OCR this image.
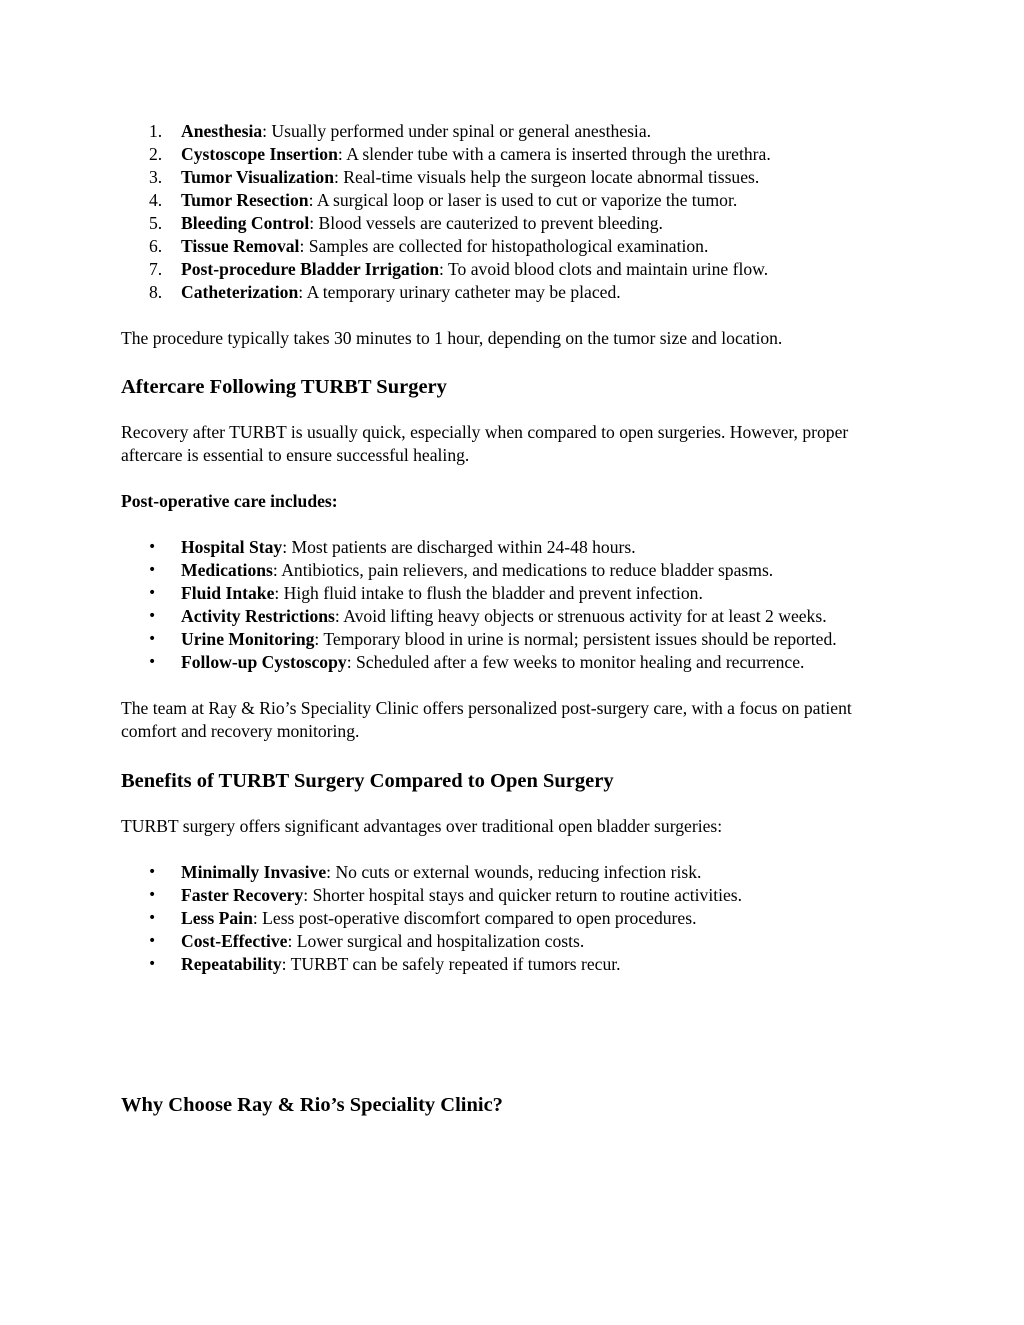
1. Anesthesia: Usually performed under spinal or general anesthesia.
2. Cystoscope Insertion: A slender tube with a camera is inserted through the urethra.
3. Tumor Visualization: Real-time visuals help the surgeon locate abnormal tissues.
4. Tumor Resection: A surgical loop or laser is used to cut or vaporize the tumor.
5. Bleeding Control: Blood vessels are cauterized to prevent bleeding.
6. Tissue Removal: Samples are collected for histopathological examination.
7. Post-procedure Bladder Irrigation: To avoid blood clots and maintain urine flow.
8. Catheterization: A temporary urinary catheter may be placed.

The procedure typically takes 30 minutes to 1 hour, depending on the tumor size and location.

Aftercare Following TURBT Surgery

Recovery after TURBT is usually quick, especially when compared to open surgeries. However, proper aftercare is essential to ensure successful healing.

Post-operative care includes:

• Hospital Stay: Most patients are discharged within 24-48 hours.
• Medications: Antibiotics, pain relievers, and medications to reduce bladder spasms.
• Fluid Intake: High fluid intake to flush the bladder and prevent infection.
• Activity Restrictions: Avoid lifting heavy objects or strenuous activity for at least 2 weeks.
• Urine Monitoring: Temporary blood in urine is normal; persistent issues should be reported.
• Follow-up Cystoscopy: Scheduled after a few weeks to monitor healing and recurrence.

The team at Ray & Rio’s Speciality Clinic offers personalized post-surgery care, with a focus on patient comfort and recovery monitoring.

Benefits of TURBT Surgery Compared to Open Surgery

TURBT surgery offers significant advantages over traditional open bladder surgeries:

• Minimally Invasive: No cuts or external wounds, reducing infection risk.
• Faster Recovery: Shorter hospital stays and quicker return to routine activities.
• Less Pain: Less post-operative discomfort compared to open procedures.
• Cost-Effective: Lower surgical and hospitalization costs.
• Repeatability: TURBT can be safely repeated if tumors recur.
Why Choose Ray & Rio’s Speciality Clinic?
